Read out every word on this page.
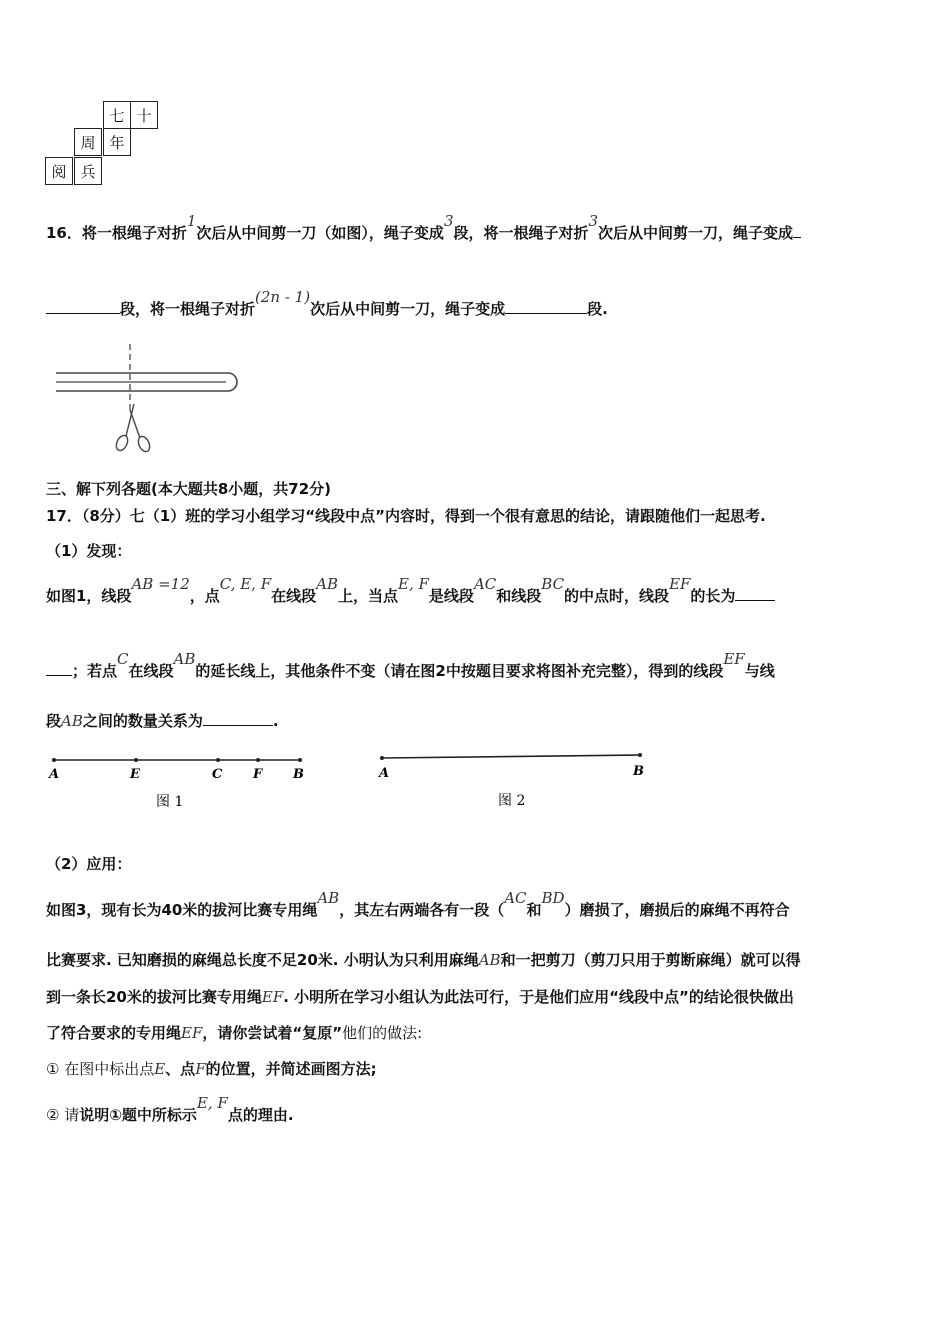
七 十
周 年
阅 兵
16．将一根绳子对折1次后从中间剪一刀（如图），绳子变成3段，将一根绳子对折3次后从中间剪一刀，绳子变成
段，将一根绳子对折(2n - 1)次后从中间剪一刀，绳子变成	段.
三、解下列各题(本大题共8小题，共72分)
17．（8分）七（1）班的学习小组学习“线段中点”内容时，得到一个很有意思的结论，请跟随他们一起思考.
（1）发现：
如图1，线段AB =12，点C, E, F在线段AB上，当点E, F是线段AC和线段BC的中点时，线段EF的长为
；若点C在线段AB的延长线上，其他条件不变（请在图2中按题目要求将图补充完整），得到的线段EF与线
段AB之间的数量关系为	.
A	E	C F B
图 1
A	B
图 2
（2）应用：
如图3，现有长为40米的拔河比赛专用绳AB，其左右两端各有一段（AC和BD）磨损了，磨损后的麻绳不再符合
比赛要求. 已知磨损的麻绳总长度不足20米. 小明认为只利用麻绳AB和一把剪刀（剪刀只用于剪断麻绳）就可以得
到一条长20米的拔河比赛专用绳EF. 小明所在学习小组认为此法可行，于是他们应用“线段中点”的结论很快做出
了符合要求的专用绳EF，请你尝试着“复原”他们的做法:
① 在图中标出点E、点F的位置，并简述画图方法;
② 请说明①题中所标示E, F点的理由.
